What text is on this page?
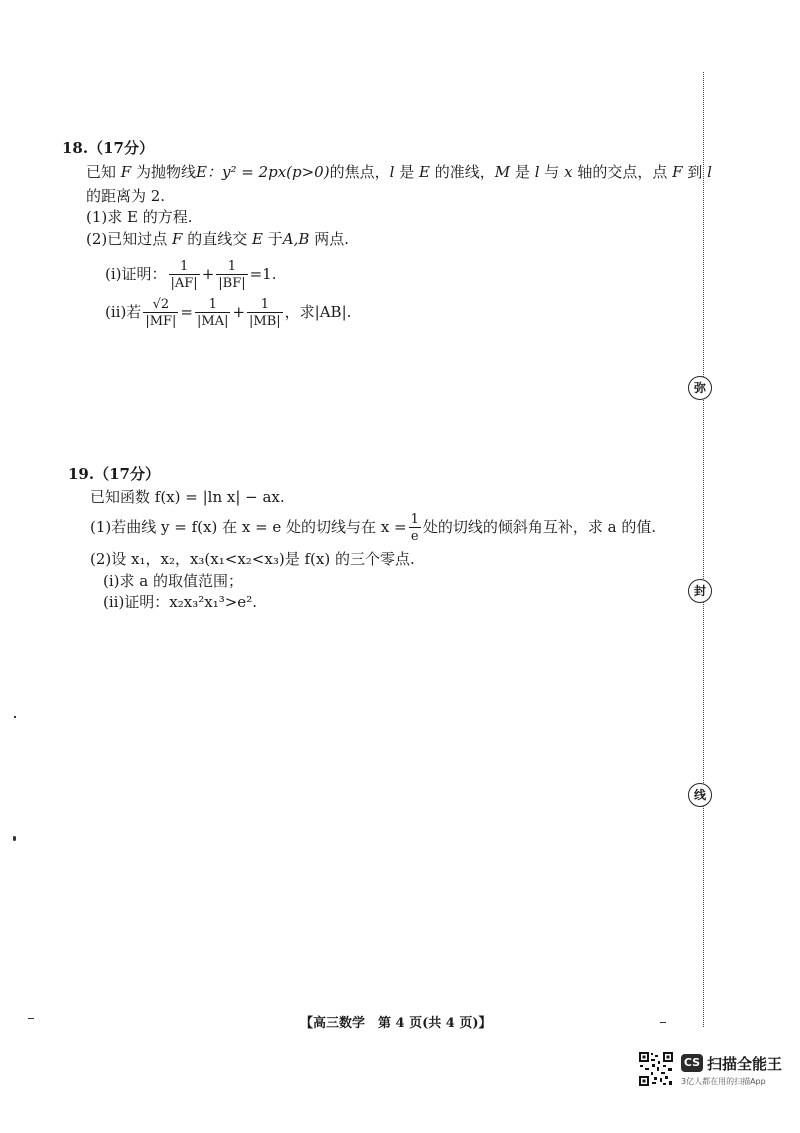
18.（17分）
已知 F 为抛物线E：y² = 2px(p>0)的焦点，l 是 E 的准线，M 是 l 与 x 轴的交点，点 F 到 l
的距离为 2.
(1)求 E 的方程.
(2)已知过点 F 的直线交 E 于A,B 两点.
(ⅰ)证明： $\frac{1}{|AF|} + \frac{1}{|BF|} =1$.
(ⅱ)若 $\frac{√2}{|MF|} = \frac{1}{|MA|} + \frac{1}{|MB|}$ ，求|AB|.
19.（17分）
已知函数 f(x) = |ln x| − ax.
(1)若曲线 y = f(x) 在 x = e 处的切线与在 $x = \frac{1}{e}$ 处的切线的倾斜角互补，求 a 的值.
(2)设 x₁，x₂，x₃(x₁<x₂<x₃)是 f(x) 的三个零点.
(ⅰ)求 a 的取值范围；
(ⅱ)证明：x₂x₃²x₁³>e².
弥
封
线
【高三数学　第 4 页(共 4 页)】
CS 扫描全能王
3亿人都在用的扫描App
